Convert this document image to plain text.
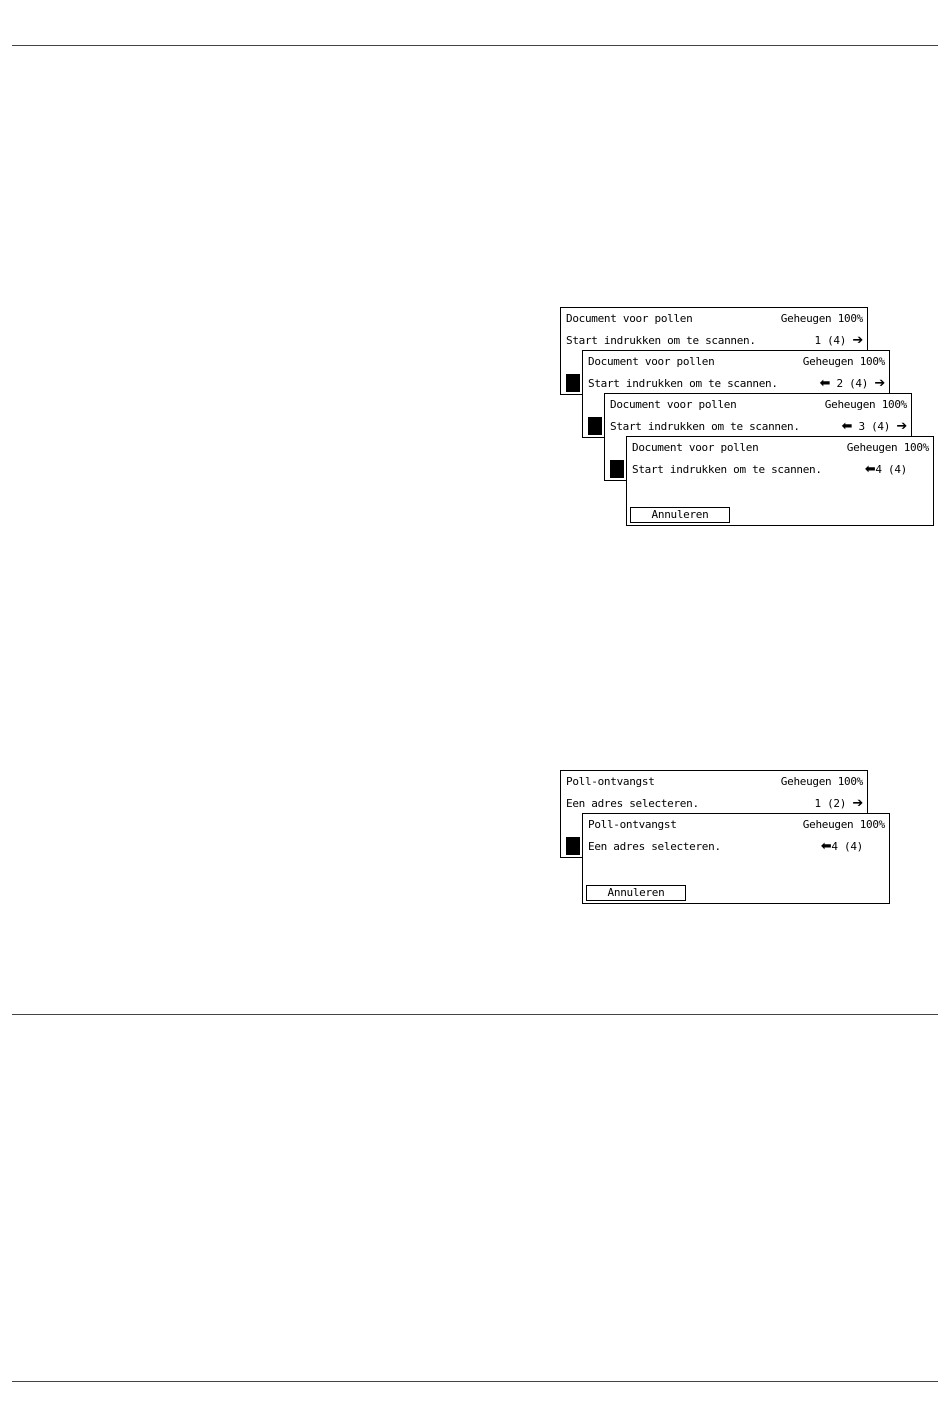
Document voor pollen	Geheugen 100%
Start indrukken om te scannen.	1 (4) ➔
Document voor pollen	Geheugen 100%
Start indrukken om te scannen.	⬅ 2 (4) ➔
Document voor pollen	Geheugen 100%
Start indrukken om te scannen.	⬅ 3 (4) ➔
Document voor pollen	Geheugen 100%
Start indrukken om te scannen.	⬅4 (4)
Annuleren
Poll-ontvangst	Geheugen 100%
Een adres selecteren.	1 (2) ➔
Poll-ontvangst	Geheugen 100%
Een adres selecteren.	⬅4 (4)
Annuleren
